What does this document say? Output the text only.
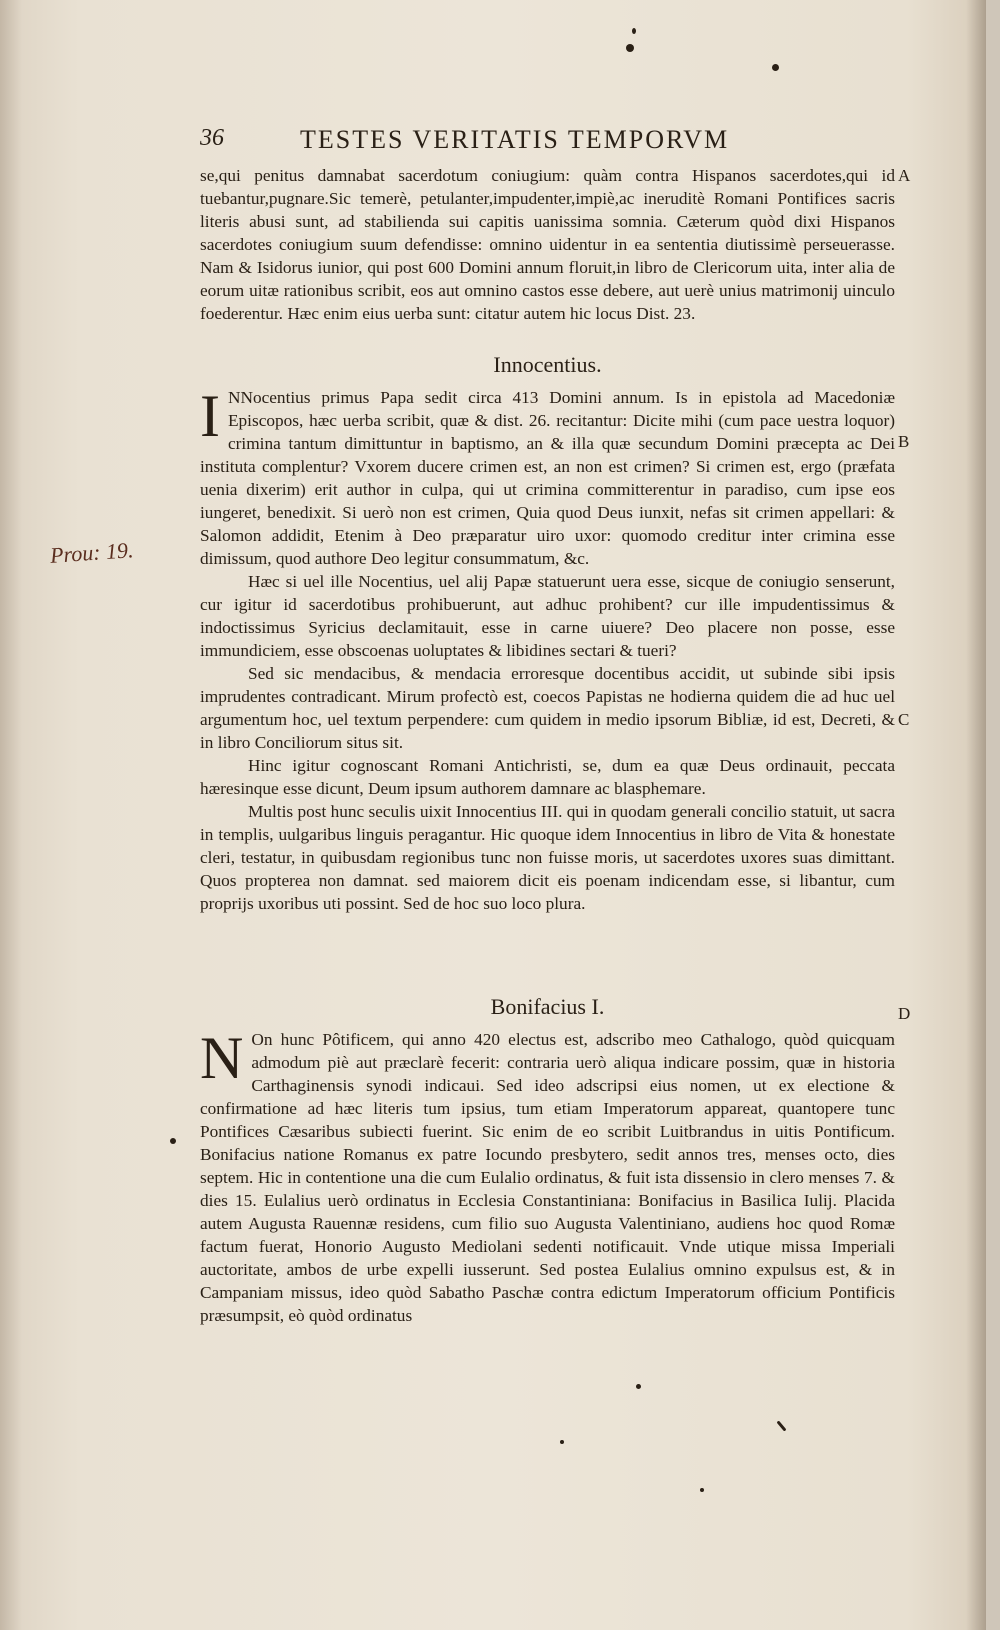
36	TESTES VERITATIS TEMPORVM
A
B
C
D
Prou: 19.

se,qui penitus damnabat sacerdotum coniugium: quàm contra Hispanos sacerdotes,qui id tuebantur,pugnare.Sic temerè, petulanter,impudenter,impiè,ac ineruditè Romani Pontifices sacris literis abusi sunt, ad stabilienda sui capitis uanissima somnia. Cæterum quòd dixi Hispanos sacerdotes coniugium suum defendisse: omnino uidentur in ea sententia diutissimè perseuerasse. Nam & Isidorus iunior, qui post 600 Domini annum floruit,in libro de Clericorum uita, inter alia de eorum uitæ rationibus scribit, eos aut omnino castos esse debere, aut uerè unius matrimonij uinculo foederentur. Hæc enim eius uerba sunt: citatur autem hic locus Dist. 23.

Innocentius.
I NNocentius primus Papa sedit circa 413 Domini annum. Is in epistola ad Macedoniæ Episcopos, hæc uerba scribit, quæ & dist. 26. recitantur: Dicite mihi (cum pace uestra loquor) crimina tantum dimittuntur in baptismo, an & illa quæ secundum Domini præcepta ac Dei instituta complentur? Vxorem ducere crimen est, an non est crimen? Si crimen est, ergo (præfata uenia dixerim) erit author in culpa, qui ut crimina committerentur in paradiso, cum ipse eos iungeret, benedixit. Si uerò non est crimen, Quia quod Deus iunxit, nefas sit crimen appellari: & Salomon addidit, Etenim à Deo præparatur uiro uxor: quomodo creditur inter crimina esse dimissum, quod authore Deo legitur consummatum, &c.

Hæc si uel ille Nocentius, uel alij Papæ statuerunt uera esse, sicque de coniugio senserunt, cur igitur id sacerdotibus prohibuerunt, aut adhuc prohibent? cur ille impudentissimus & indoctissimus Syricius declamitauit, esse in carne uiuere? Deo placere non posse, esse immundiciem, esse obscoenas uoluptates & libidines sectari & tueri?

Sed sic mendacibus, & mendacia erroresque docentibus accidit, ut subinde sibi ipsis imprudentes contradicant. Mirum profectò est, coecos Papistas ne hodierna quidem die ad huc uel argumentum hoc, uel textum perpendere: cum quidem in medio ipsorum Bibliæ, id est, Decreti, & in libro Conciliorum situs sit.

Hinc igitur cognoscant Romani Antichristi, se, dum ea quæ Deus ordinauit, peccata hæresinque esse dicunt, Deum ipsum authorem damnare ac blasphemare.

Multis post hunc seculis uixit Innocentius III. qui in quodam generali concilio statuit, ut sacra in templis, uulgaribus linguis peragantur. Hic quoque idem Innocentius in libro de Vita & honestate cleri, testatur, in quibusdam regionibus tunc non fuisse moris, ut sacerdotes uxores suas dimittant. Quos propterea non damnat. sed maiorem dicit eis poenam indicendam esse, si libantur, cum proprijs uxoribus uti possint. Sed de hoc suo loco plura.

Bonifacius I.
N On hunc Pôtificem, qui anno 420 electus est, adscribo meo Cathalogo, quòd quicquam admodum piè aut præclarè fecerit: contraria uerò aliqua indicare possim, quæ in historia Carthaginensis synodi indicaui. Sed ideo adscripsi eius nomen, ut ex electione & confirmatione ad hæc literis tum ipsius, tum etiam Imperatorum appareat, quantopere tunc Pontifices Cæsaribus subiecti fuerint. Sic enim de eo scribit Luitbrandus in uitis Pontificum. Bonifacius natione Romanus ex patre Iocundo presbytero, sedit annos tres, menses octo, dies septem. Hic in contentione una die cum Eulalio ordinatus, & fuit ista dissensio in clero menses 7. & dies 15. Eulalius uerò ordinatus in Ecclesia Constantiniana: Bonifacius in Basilica Iulij. Placida autem Augusta Rauennæ residens, cum filio suo Augusta Valentiniano, audiens hoc quod Romæ factum fuerat, Honorio Augusto Mediolani sedenti notificauit. Vnde utique missa Imperiali auctoritate, ambos de urbe expelli iusserunt. Sed postea Eulalius omnino expulsus est, & in Campaniam missus, ideo quòd Sabatho Paschæ contra edictum Imperatorum officium Pontificis præsumpsit, eò quòd ordinatus
